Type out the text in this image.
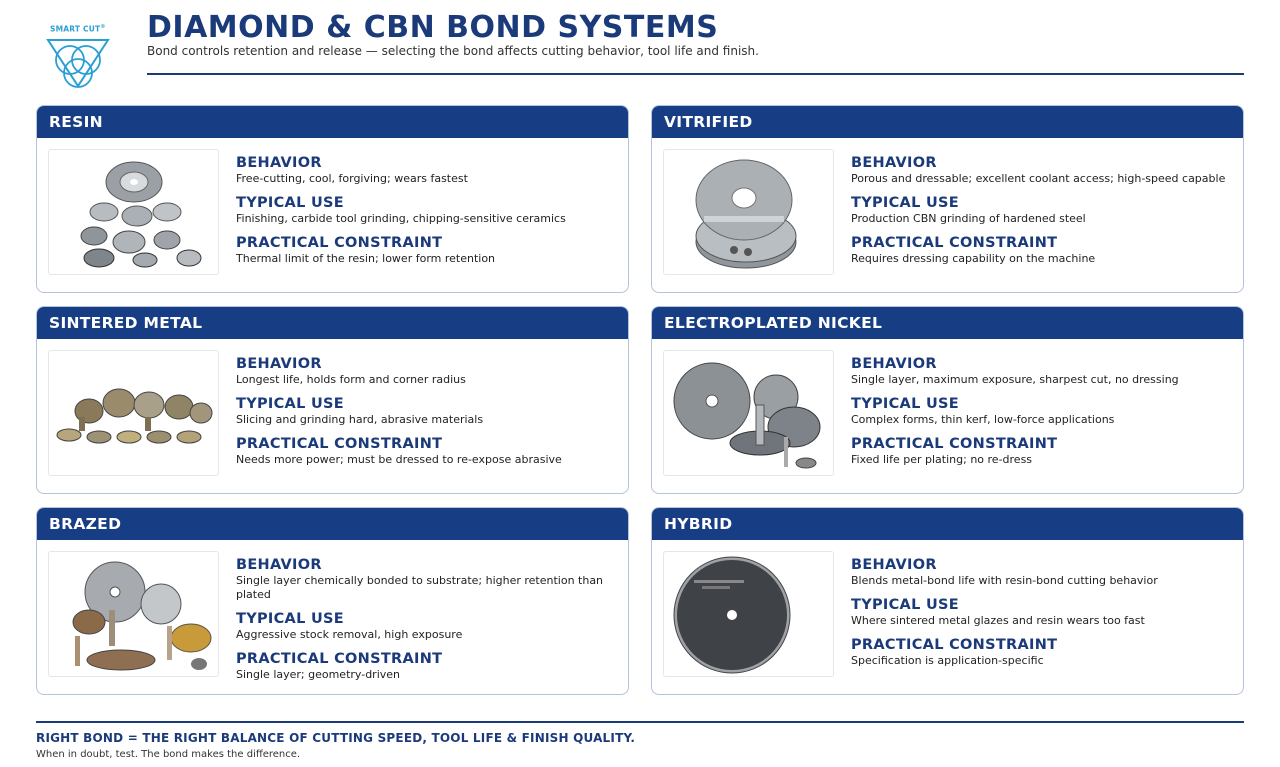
SMART CUT® DIAMOND & CBN BOND SYSTEMS
Bond controls retention and release — selecting the bond affects cutting behavior, tool life and finish.
RESIN
BEHAVIOR
Free-cutting, cool, forgiving; wears fastest
TYPICAL USE
Finishing, carbide tool grinding, chipping-sensitive ceramics
PRACTICAL CONSTRAINT
Thermal limit of the resin; lower form retention
VITRIFIED
BEHAVIOR
Porous and dressable; excellent coolant access; high-speed capable
TYPICAL USE
Production CBN grinding of hardened steel
PRACTICAL CONSTRAINT
Requires dressing capability on the machine
SINTERED METAL
BEHAVIOR
Longest life, holds form and corner radius
TYPICAL USE
Slicing and grinding hard, abrasive materials
PRACTICAL CONSTRAINT
Needs more power; must be dressed to re-expose abrasive
ELECTROPLATED NICKEL
BEHAVIOR
Single layer, maximum exposure, sharpest cut, no dressing
TYPICAL USE
Complex forms, thin kerf, low-force applications
PRACTICAL CONSTRAINT
Fixed life per plating; no re-dress
BRAZED
BEHAVIOR
Single layer chemically bonded to substrate; higher retention than plated
TYPICAL USE
Aggressive stock removal, high exposure
PRACTICAL CONSTRAINT
Single layer; geometry-driven
HYBRID
BEHAVIOR
Blends metal-bond life with resin-bond cutting behavior
TYPICAL USE
Where sintered metal glazes and resin wears too fast
PRACTICAL CONSTRAINT
Specification is application-specific
RIGHT BOND = THE RIGHT BALANCE OF CUTTING SPEED, TOOL LIFE & FINISH QUALITY.
When in doubt, test. The bond makes the difference.
